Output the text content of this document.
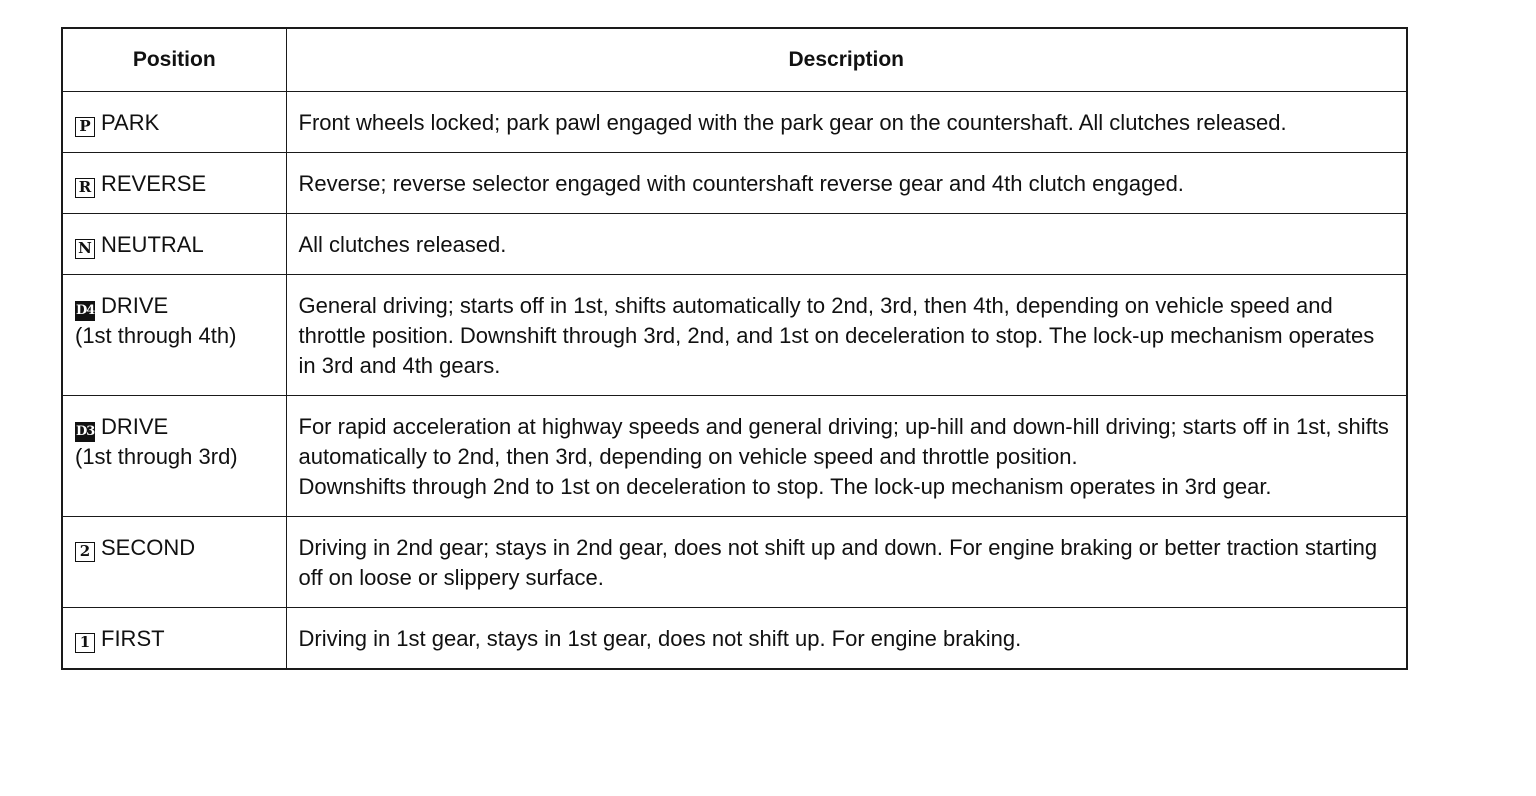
Position	Description
P PARK	Front wheels locked; park pawl engaged with the park gear on the countershaft. All clutches released.

R REVERSE	Reverse; reverse selector engaged with countershaft reverse gear and 4th clutch engaged.

N NEUTRAL	All clutches released.

D4 DRIVE
(1st through 4th)	General driving; starts off in 1st, shifts automatically to 2nd, 3rd, then 4th, depending on vehicle speed and throttle position. Downshift through 3rd, 2nd, and 1st on deceleration to stop. The lock-up mechanism operates in 3rd and 4th gears.

D3 DRIVE
(1st through 3rd)	For rapid acceleration at highway speeds and general driving; up-hill and down-hill driving; starts off in 1st, shifts automatically to 2nd, then 3rd, depending on vehicle speed and throttle position.
Downshifts through 2nd to 1st on deceleration to stop. The lock-up mechanism operates in 3rd gear.

2 SECOND	Driving in 2nd gear; stays in 2nd gear, does not shift up and down. For engine braking or better traction starting off on loose or slippery surface.

1 FIRST	Driving in 1st gear, stays in 1st gear, does not shift up. For engine braking.
